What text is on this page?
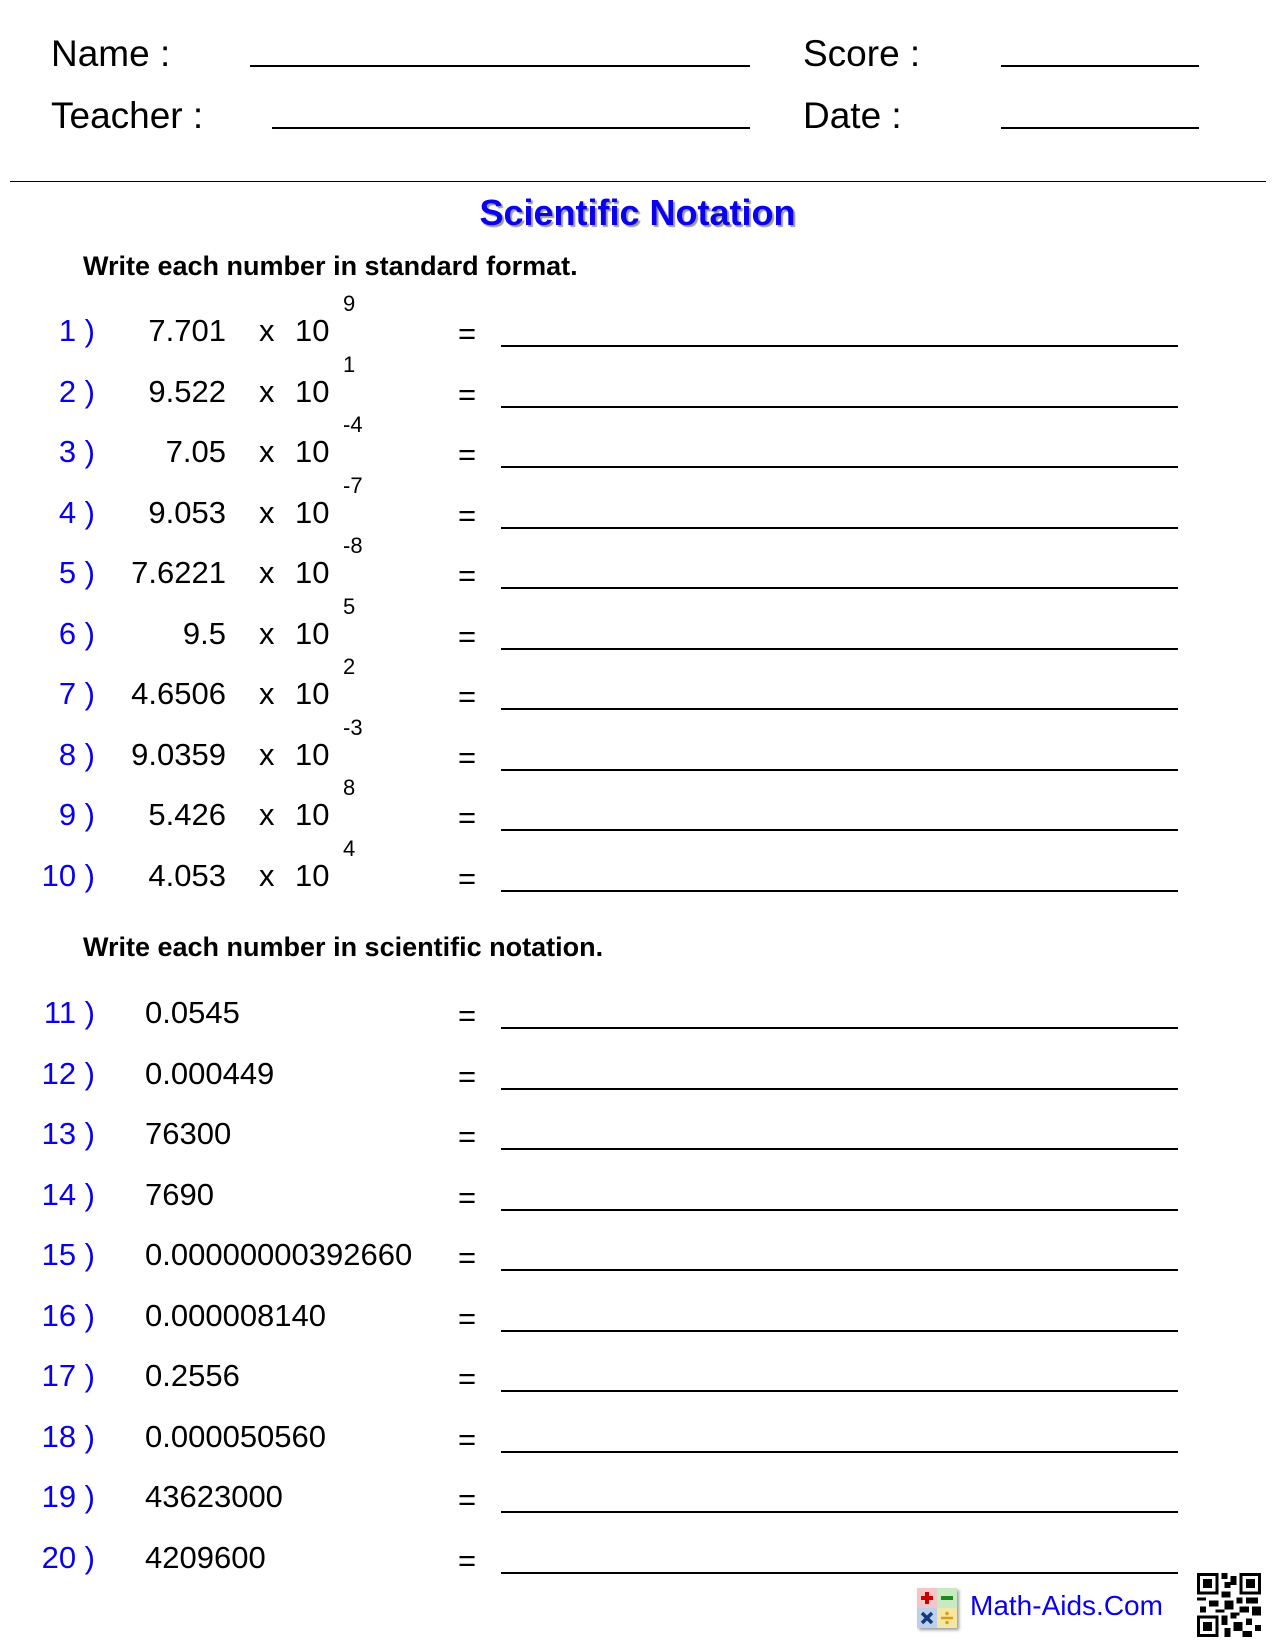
Name :	Score :
Teacher :	Date :
Scientific Notation
Write each number in standard format.
1 )	7.701 x 10
9
=
2 )	9.522 x 10
1
=
3 )	7.05 x 10
-4
=
4 )	9.053 x 10
-7
=
5 )	7.6221 x 10
-8
=
6 )	9.5 x 10
5
=
7 )	4.6506 x 10
2
=
8 )	9.0359 x 10
-3
=
9 )	5.426 x 10
8
=
10 )	4.053 x 10
4
=
Write each number in scientific notation.
11 ) 0.0545	=
12 ) 0.000449	=
13 ) 76300	=
14 ) 7690	=
15 ) 0.00000000392660 =
16 ) 0.000008140	=
17 ) 0.2556	=
18 ) 0.000050560	=
19 ) 43623000	=
20 ) 4209600	=
Math-Aids.Com
